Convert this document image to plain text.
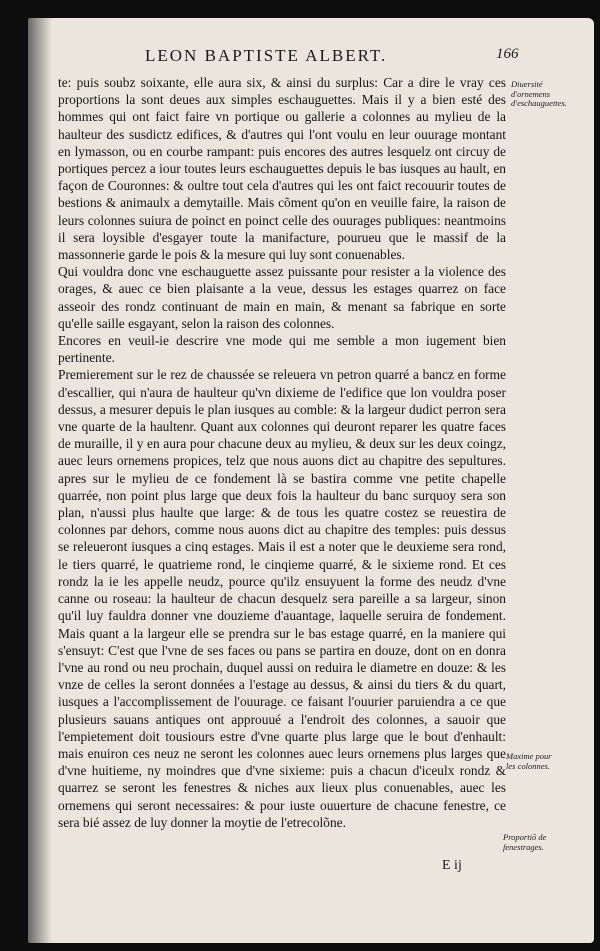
LEON BAPTISTE ALBERT.	166

te: puis soubz soixante, elle aura six, & ainsi du surplus: Car a dire le vray ces proportions la sont deues aux simples eschauguettes. Mais il y a bien esté des hommes qui ont faict faire vn portique ou gallerie a colonnes au mylieu de la haulteur des susdictz edifices, & d'autres qui l'ont voulu en leur ouurage montant en lymasson, ou en courbe rampant: puis encores des autres lesquelz ont circuy de portiques percez a iour toutes leurs eschauguettes depuis le bas iusques au hault, en façon de Couronnes: & oultre tout cela d'autres qui les ont faict recouurir toutes de bestions & animaulx a demytaille. Mais cõment qu'on en veuille faire, la raison de leurs colonnes suiura de poinct en poinct celle des ouurages publiques: neantmoins il sera loysible d'esgayer toute la manifacture, pourueu que le massif de la massonnerie garde le pois & la mesure qui luy sont conuenables.

Qui vouldra donc vne eschauguette assez puissante pour resister a la violence des orages, & auec ce bien plaisante a la veue, dessus les estages quarrez on face asseoir des rondz continuant de main en main, & menant sa fabrique en sorte qu'elle saille esgayant, selon la raison des colonnes.

Encores en veuil-ie descrire vne mode qui me semble a mon iugement bien pertinente.

Premierement sur le rez de chaussée se releuera vn petron quarré a bancz en forme d'escallier, qui n'aura de haulteur qu'vn dixieme de l'edifice que lon vouldra poser dessus, a mesurer depuis le plan iusques au comble: & la largeur dudict perron sera vne quarte de la haultenr. Quant aux colonnes qui deuront reparer les quatre faces de muraille, il y en aura pour chacune deux au mylieu, & deux sur les deux coingz, auec leurs ornemens propices, telz que nous auons dict au chapitre des sepultures. apres sur le mylieu de ce fondement là se bastira comme vne petite chapelle quarrée, non point plus large que deux fois la haulteur du banc surquoy sera son plan, n'aussi plus haulte que large: & de tous les quatre costez se reuestira de colonnes par dehors, comme nous auons dict au chapitre des temples: puis dessus se releueront iusques a cinq estages. Mais il est a noter que le deuxieme sera rond, le tiers quarré, le quatrieme rond, le cinqieme quarré, & le sixieme rond. Et ces rondz la ie les appelle neudz, pource qu'ilz ensuyuent la forme des neudz d'vne canne ou roseau: la haulteur de chacun desquelz sera pareille a sa largeur, sinon qu'il luy fauldra donner vne douzieme d'auantage, laquelle seruira de fondement. Mais quant a la largeur elle se prendra sur le bas estage quarré, en la maniere qui s'ensuyt: C'est que l'vne de ses faces ou pans se partira en douze, dont on en donra l'vne au rond ou neu prochain, duquel aussi on reduira le diametre en douze: & les vnze de celles la seront données a l'estage au dessus, & ainsi du tiers & du quart, iusques a l'accomplissement de l'ouurage. ce faisant l'ouurier paruiendra a ce que plusieurs sauans antiques ont approuué a l'endroit des colonnes, a sauoir que l'empietement doit tousiours estre d'vne quarte plus large que le bout d'enhault: mais enuiron ces neuz ne seront les colonnes auec leurs ornemens plus larges que d'vne huitieme, ny moindres que d'vne sixieme: puis a chacun d'iceulx rondz & quarrez se seront les fenestres & niches aux lieux plus conuenables, auec les ornemens qui seront necessaires: & pour iuste ouuerture de chacune fenestre, ce sera bié assez de luy donner la moytie de l'etrecolõne.

Diuersité d'ornemens d'eschauguettes.
Maxime pour les colonnes.
Proportiõ de fenestrages.
E ij
